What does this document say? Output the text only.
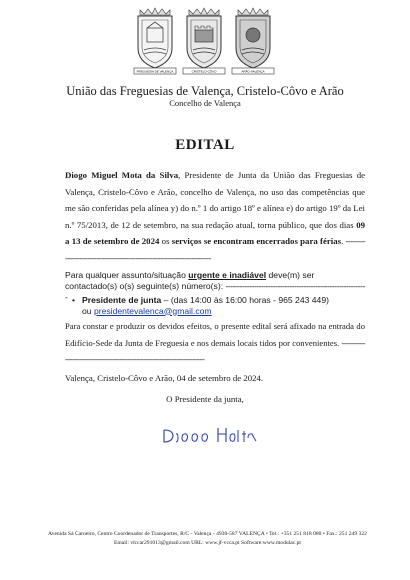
FREGUESIA DE VALENÇA	CRISTELO-CÔVO	ARÃO-VALENÇA
União das Freguesias de Valença, Cristelo-Côvo e Arão
Concelho de Valença
EDITAL
Diogo Miguel Mota da Silva, Presidente de Junta da União das Freguesias de Valença, Cristelo-Côvo e Arão, concelho de Valença, no uso das competências que me são conferidas pela alínea y) do n.º 1 do artigo 18º e alínea e) do artigo 19º da Lei n.º 75/2013, de 12 de setembro, na sua redação atual, torna público, que dos dias 09 a 13 de setembro de 2024 os serviços se encontram encerrados para férias. --------------------------------------------------------------------
Para qualquer assunto/situação urgente e inadiável deve(m) ser contactado(s) o(s) seguinte(s) número(s): ------------------------------------------------------------ • Presidente de junta – (das 14:00 às 16:00 horas - 965 243 449)
ou presidentevalenca@gmail.com
Para constar e produzir os devidos efeitos, o presente edital será afixado na entrada do Edifício-Sede da Junta de Freguesia e nos demais locais tidos por convenientes. ---------------------------------------------------------------------
Valença, Cristelo-Côvo e Arão, 04 de setembro de 2024.
O Presidente da junta,
Avenida Sá Carneiro, Centro Coordenador de Transportes, R/C - Valença - 4930-587 VALENÇA • Tel.: +351 251 818 080 • Fax.: 251 249 322
Email: vlccar291013@gmail.com URL: www.jf-vcca.pt Software:www.modulac.pt
